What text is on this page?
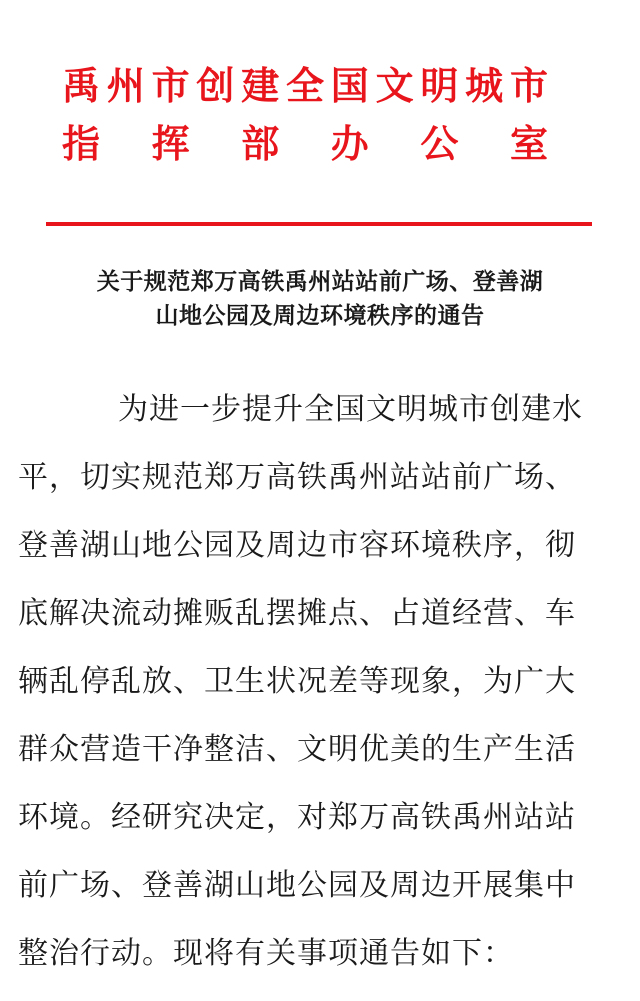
禹 州 市 创 建 全 国 文 明 城 市
指 挥 部 办 公 室
关于规范郑万高铁禹州站站前广场、登善湖
山地公园及周边环境秩序的通告
为进一步提升全国文明城市创建水
平，切实规范郑万高铁禹州站站前广场、
登善湖山地公园及周边市容环境秩序，彻
底解决流动摊贩乱摆摊点、占道经营、车
辆乱停乱放、卫生状况差等现象，为广大
群众营造干净整洁、文明优美的生产生活
环境。经研究决定，对郑万高铁禹州站站
前广场、登善湖山地公园及周边开展集中
整治行动。现将有关事项通告如下：
